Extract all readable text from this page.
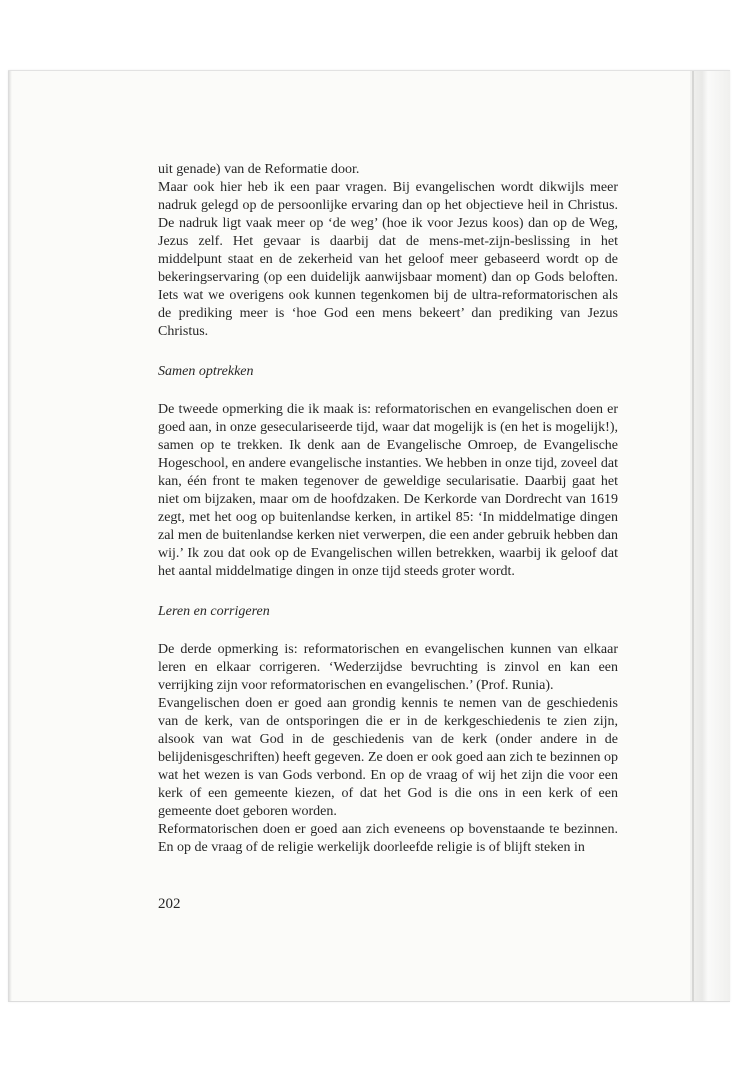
uit genade) van de Reformatie door.

Maar ook hier heb ik een paar vragen. Bij evangelischen wordt dikwijls meer nadruk gelegd op de persoonlijke ervaring dan op het objectieve heil in Christus. De nadruk ligt vaak meer op ‘de weg’ (hoe ik voor Jezus koos) dan op de Weg, Jezus zelf. Het gevaar is daarbij dat de mens-met-zijn-beslissing in het middelpunt staat en de zekerheid van het geloof meer gebaseerd wordt op de bekeringservaring (op een duidelijk aanwijsbaar moment) dan op Gods beloften. Iets wat we overigens ook kunnen tegenkomen bij de ultra-reformatorischen als de prediking meer is ‘hoe God een mens bekeert’ dan prediking van Jezus Christus.

Samen optrekken

De tweede opmerking die ik maak is: reformatorischen en evangelischen doen er goed aan, in onze geseculariseerde tijd, waar dat mogelijk is (en het is mogelijk!), samen op te trekken. Ik denk aan de Evangelische Omroep, de Evangelische Hogeschool, en andere evangelische instanties. We hebben in onze tijd, zoveel dat kan, één front te maken tegenover de geweldige secularisatie. Daarbij gaat het niet om bijzaken, maar om de hoofdzaken. De Kerkorde van Dordrecht van 1619 zegt, met het oog op buitenlandse kerken, in artikel 85: ‘In middelmatige dingen zal men de buitenlandse kerken niet verwerpen, die een ander gebruik hebben dan wij.’ Ik zou dat ook op de Evangelischen willen betrekken, waarbij ik geloof dat het aantal middelmatige dingen in onze tijd steeds groter wordt.

Leren en corrigeren

De derde opmerking is: reformatorischen en evangelischen kunnen van elkaar leren en elkaar corrigeren. ‘Wederzijdse bevruchting is zinvol en kan een verrijking zijn voor reformatorischen en evangelischen.’ (Prof. Runia).

Evangelischen doen er goed aan grondig kennis te nemen van de geschiedenis van de kerk, van de ontsporingen die er in de kerkgeschiedenis te zien zijn, alsook van wat God in de geschiedenis van de kerk (onder andere in de belijdenisgeschriften) heeft gegeven. Ze doen er ook goed aan zich te bezinnen op wat het wezen is van Gods verbond. En op de vraag of wij het zijn die voor een kerk of een gemeente kiezen, of dat het God is die ons in een kerk of een gemeente doet geboren worden.

Reformatorischen doen er goed aan zich eveneens op bovenstaande te bezinnen. En op de vraag of de religie werkelijk doorleefde religie is of blijft steken in

202
